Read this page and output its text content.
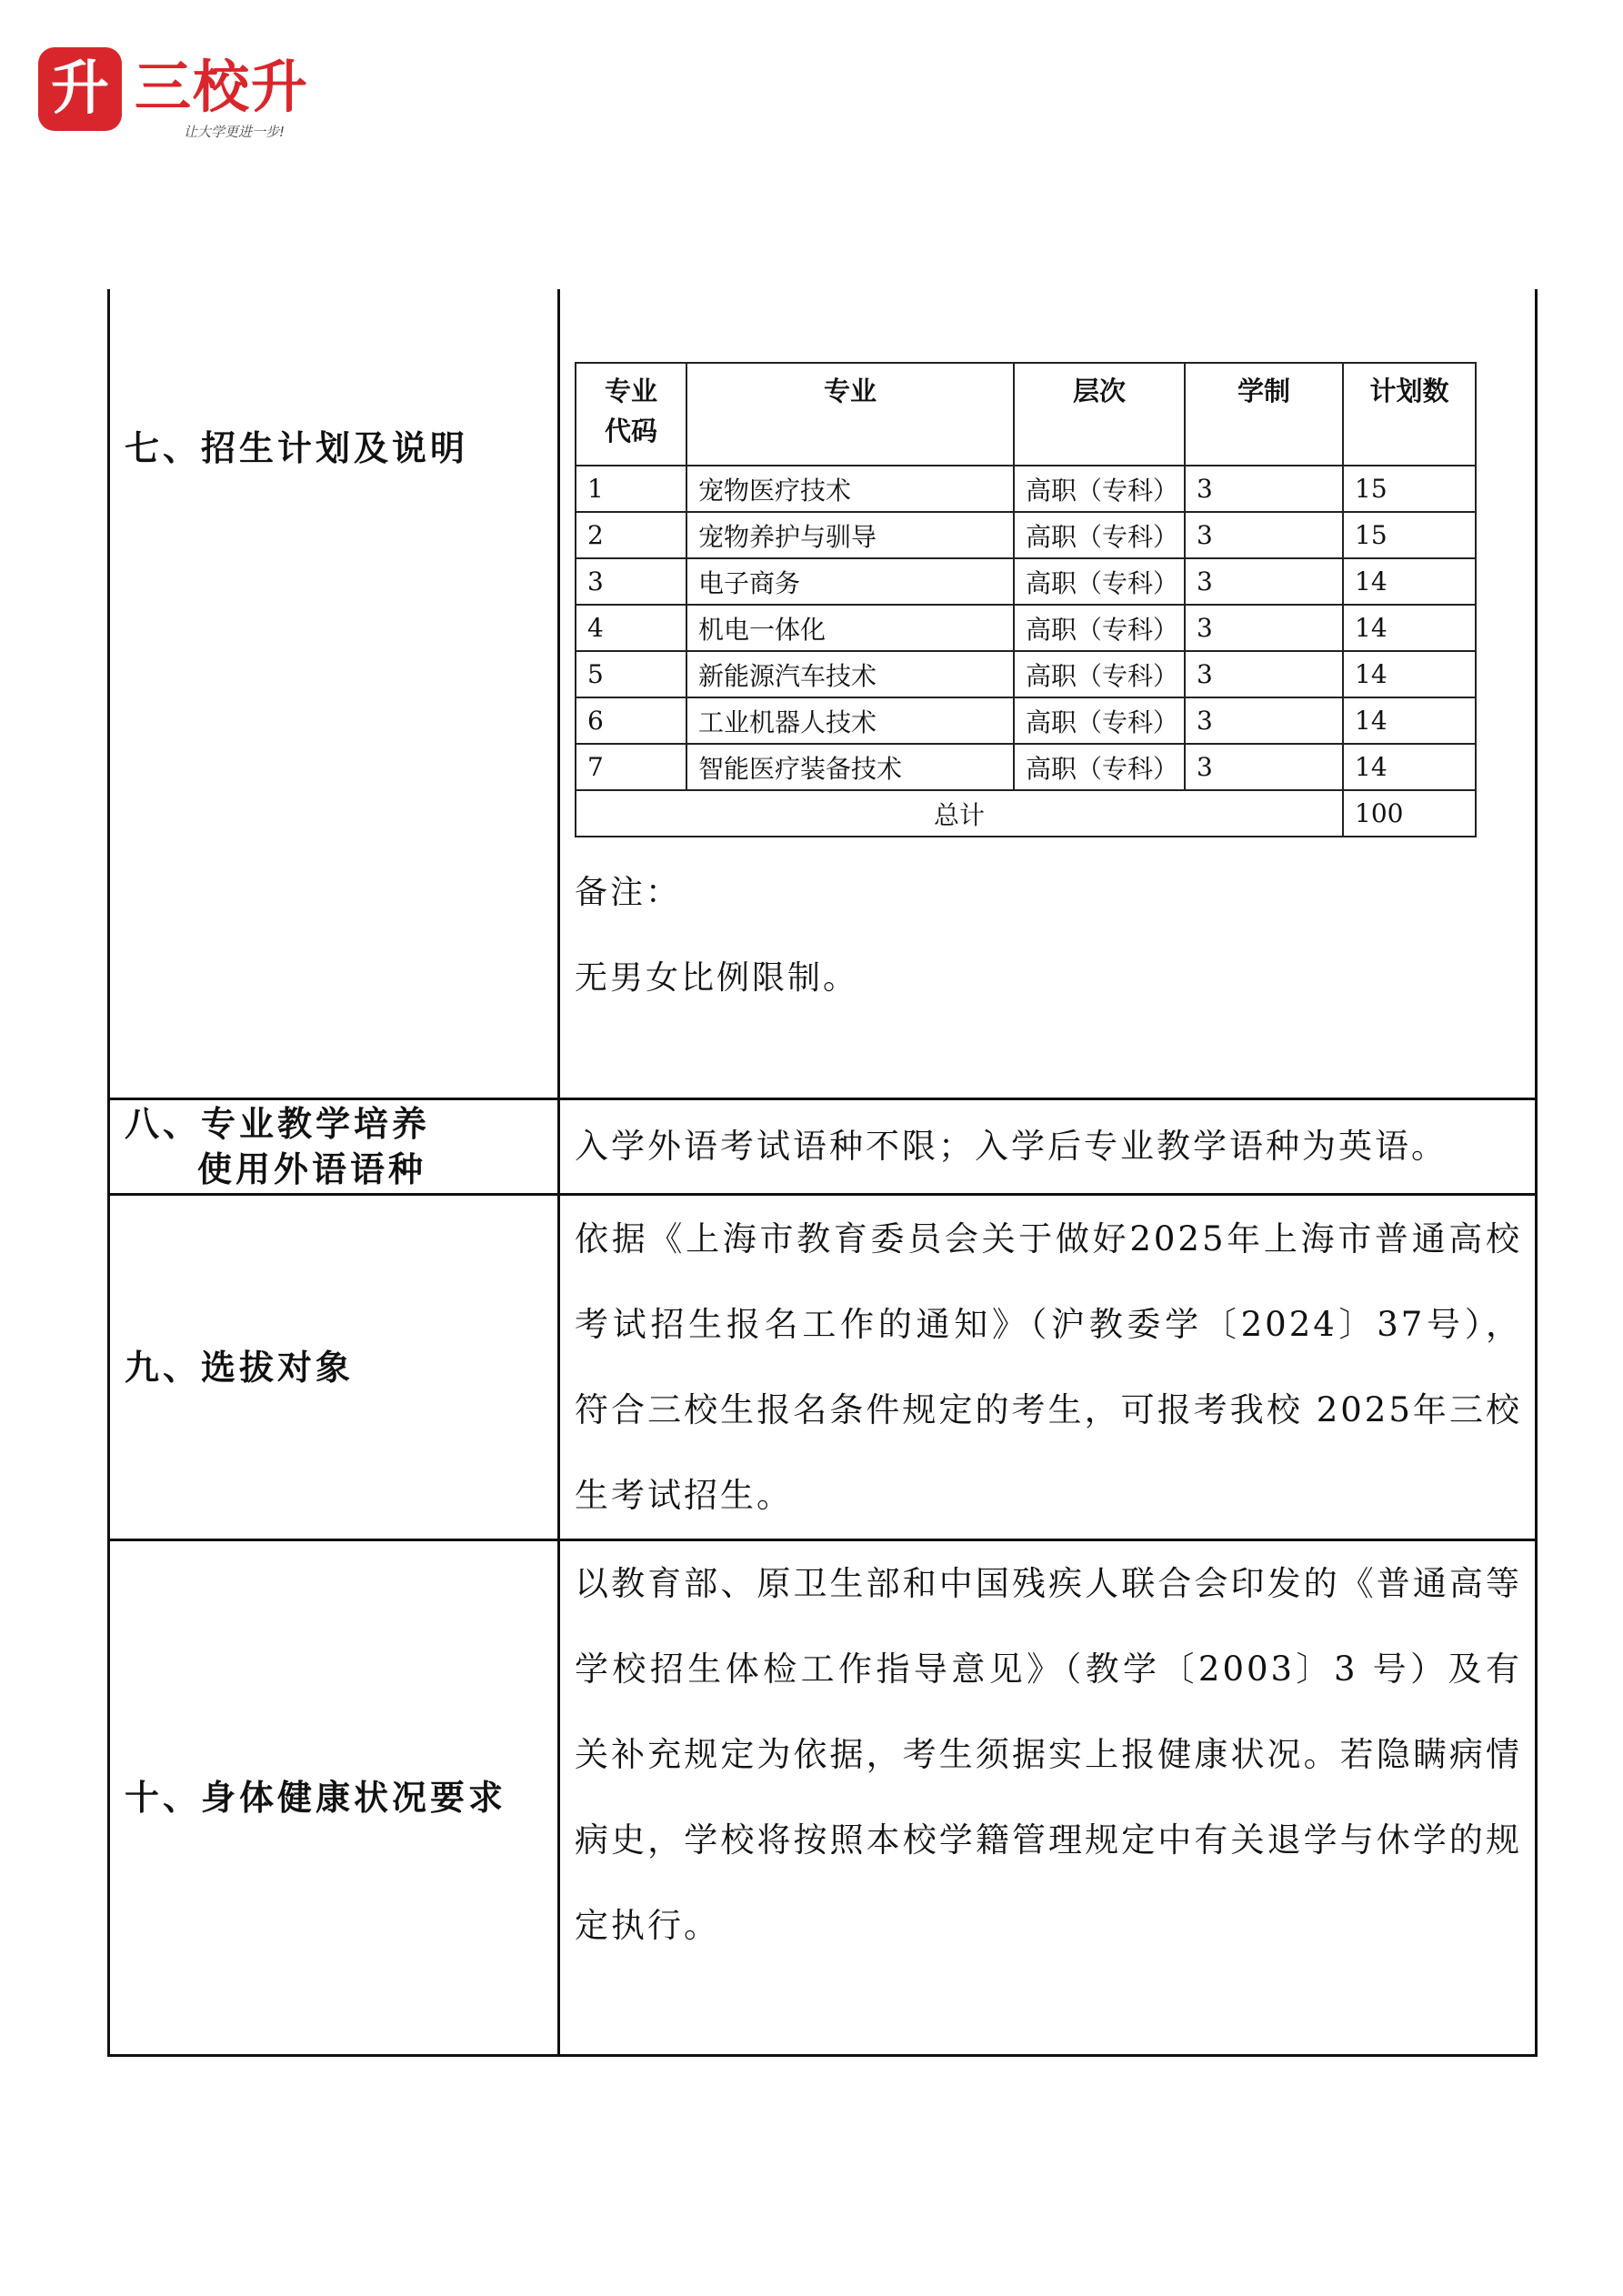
升 三校升
让大学更进一步!
七、招生计划及说明	
专业代码	专业	层次	学制	计划数
1	宠物医疗技术	高职（专科）	3	15
2	宠物养护与驯导	高职（专科）	3	15
3	电子商务	高职（专科）	3	14
4	机电一体化	高职（专科）	3	14
5	新能源汽车技术	高职（专科）	3	14
6	工业机器人技术	高职（专科）	3	14
7	智能医疗装备技术	高职（专科）	3	14
总计	100

备注：

无男女比例限制。

八、专业教学培养
使用外语语种

入学外语考试语种不限；入学后专业教学语种为英语。

九、选拔对象	

依据《上海市教育委员会关于做好2025年上海市普通高校考试招生报名工作的通知》（沪教委学〔2024〕37号），符合三校生报名条件规定的考生，可报考我校 2025年三校生考试招生。

十、身体健康状况要求	

以教育部、原卫生部和中国残疾人联合会印发的《普通高等学校招生体检工作指导意见》（教学〔2003〕3 号）及有关补充规定为依据，考生须据实上报健康状况。若隐瞒病情病史，学校将按照本校学籍管理规定中有关退学与休学的规定执行。
